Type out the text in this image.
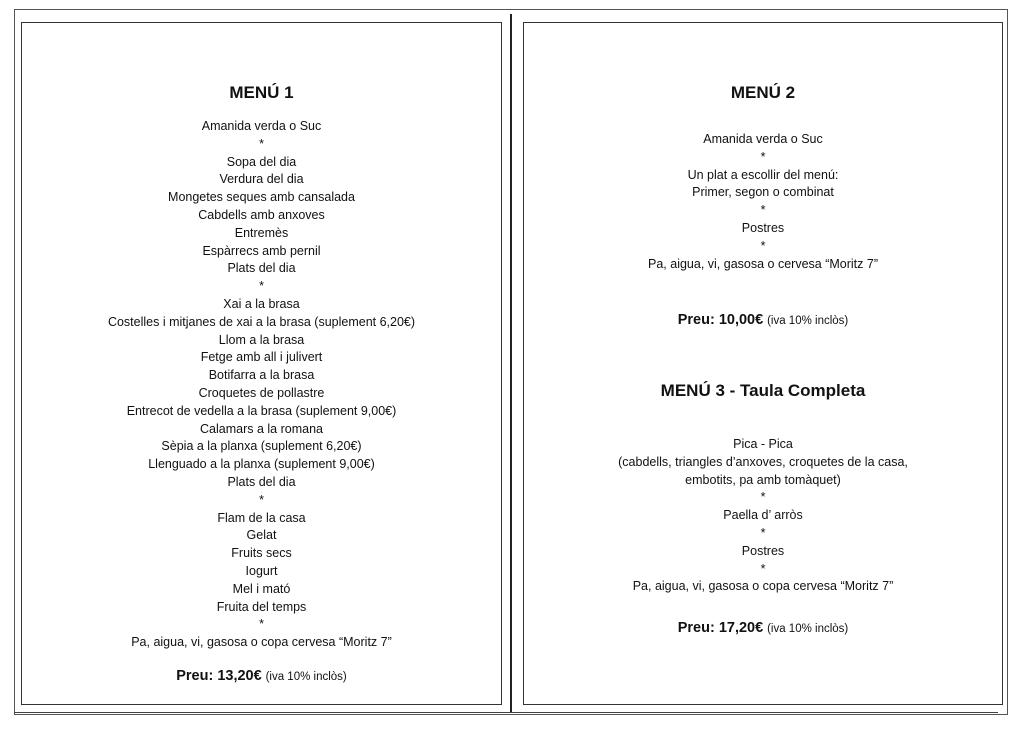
MENÚ 1
Amanida verda o Suc
*
Sopa del dia
Verdura del dia
Mongetes seques amb cansalada
Cabdells amb anxoves
Entremès
Espàrrecs amb pernil
Plats del dia
*
Xai a la brasa
Costelles i mitjanes de xai a la brasa (suplement 6,20€)
Llom a la brasa
Fetge amb all i julivert
Botifarra a la brasa
Croquetes de pollastre
Entrecot de vedella a la brasa (suplement 9,00€)
Calamars a la romana
Sèpia a la planxa (suplement 6,20€)
Llenguado a la planxa (suplement 9,00€)
Plats del dia
*
Flam de la casa
Gelat
Fruits secs
Iogurt
Mel i mató
Fruita del temps
*
Pa, aigua, vi, gasosa o copa cervesa “Moritz 7”
Preu: 13,20€ (iva 10% inclòs)
MENÚ 2
Amanida verda o Suc
*
Un plat a escollir del menú:
Primer, segon o combinat
*
Postres
*
Pa, aigua, vi, gasosa o cervesa “Moritz 7”
Preu: 10,00€ (iva 10% inclòs)
MENÚ 3 - Taula Completa
Pica - Pica
(cabdells, triangles d’anxoves, croquetes de la casa,
embotits, pa amb tomàquet)
*
Paella d’ arròs
*
Postres
*
Pa, aigua, vi, gasosa o copa cervesa “Moritz 7”
Preu: 17,20€ (iva 10% inclòs)
